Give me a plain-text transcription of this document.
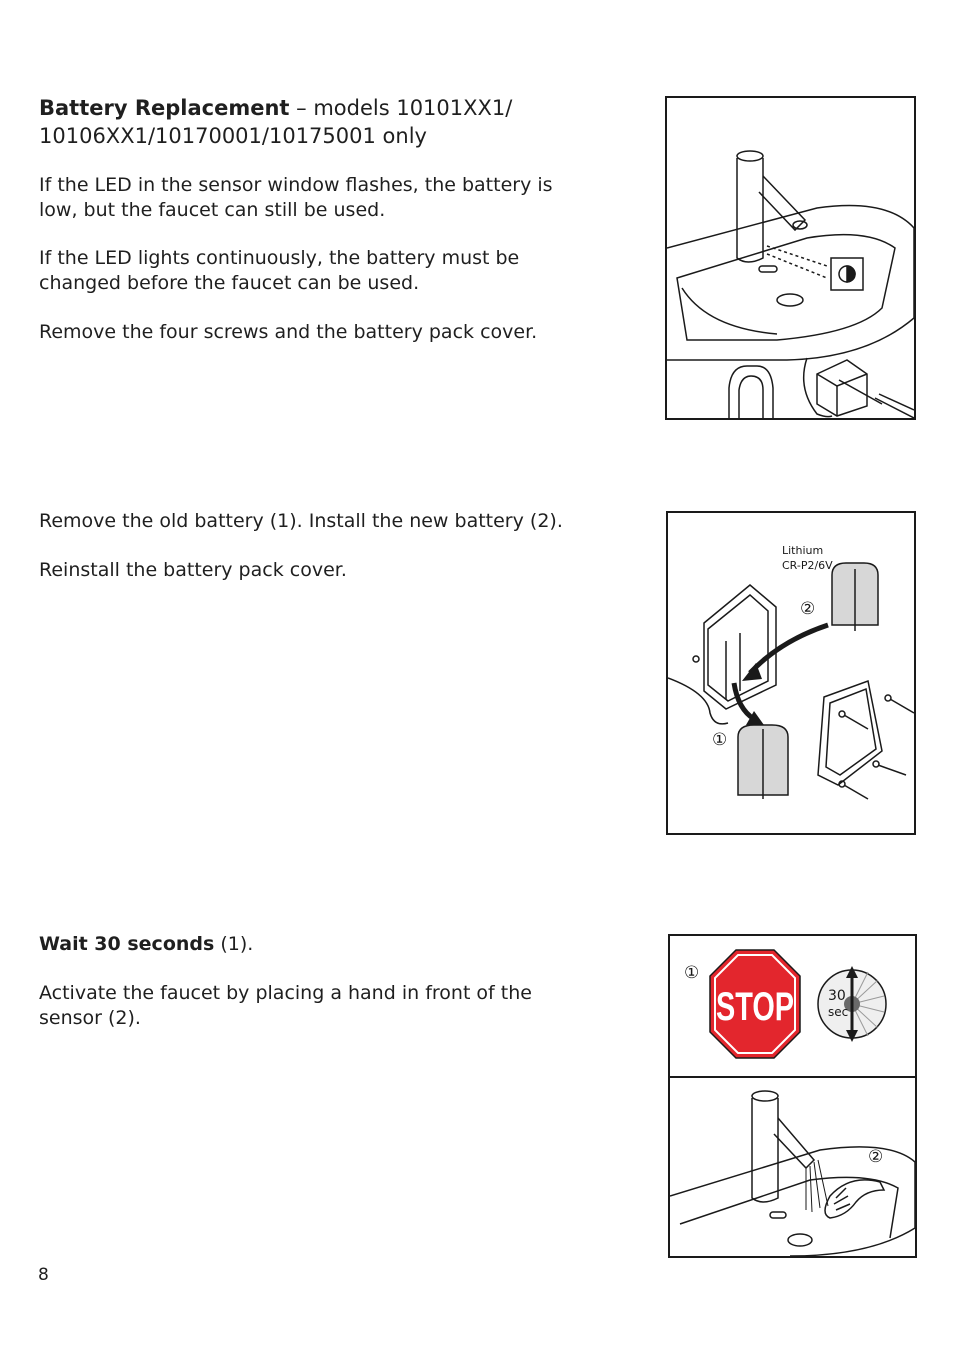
Battery Replacement – models 10101XX1/ 10106XX1/10170001/10175001 only
If the LED in the sensor window flashes, the battery is low, but the faucet can still be used.
If the LED lights continuously, the battery must be changed before the faucet can be used.
Remove the four screws and the battery pack cover.
Remove the old battery (1). Install the new battery (2).
Reinstall the battery pack cover.
Lithium
CR-P2/6V
②
①
Wait 30 seconds (1).
Activate the faucet by placing a hand in front of the sensor (2).	STOP 30
sec
①
②
8
